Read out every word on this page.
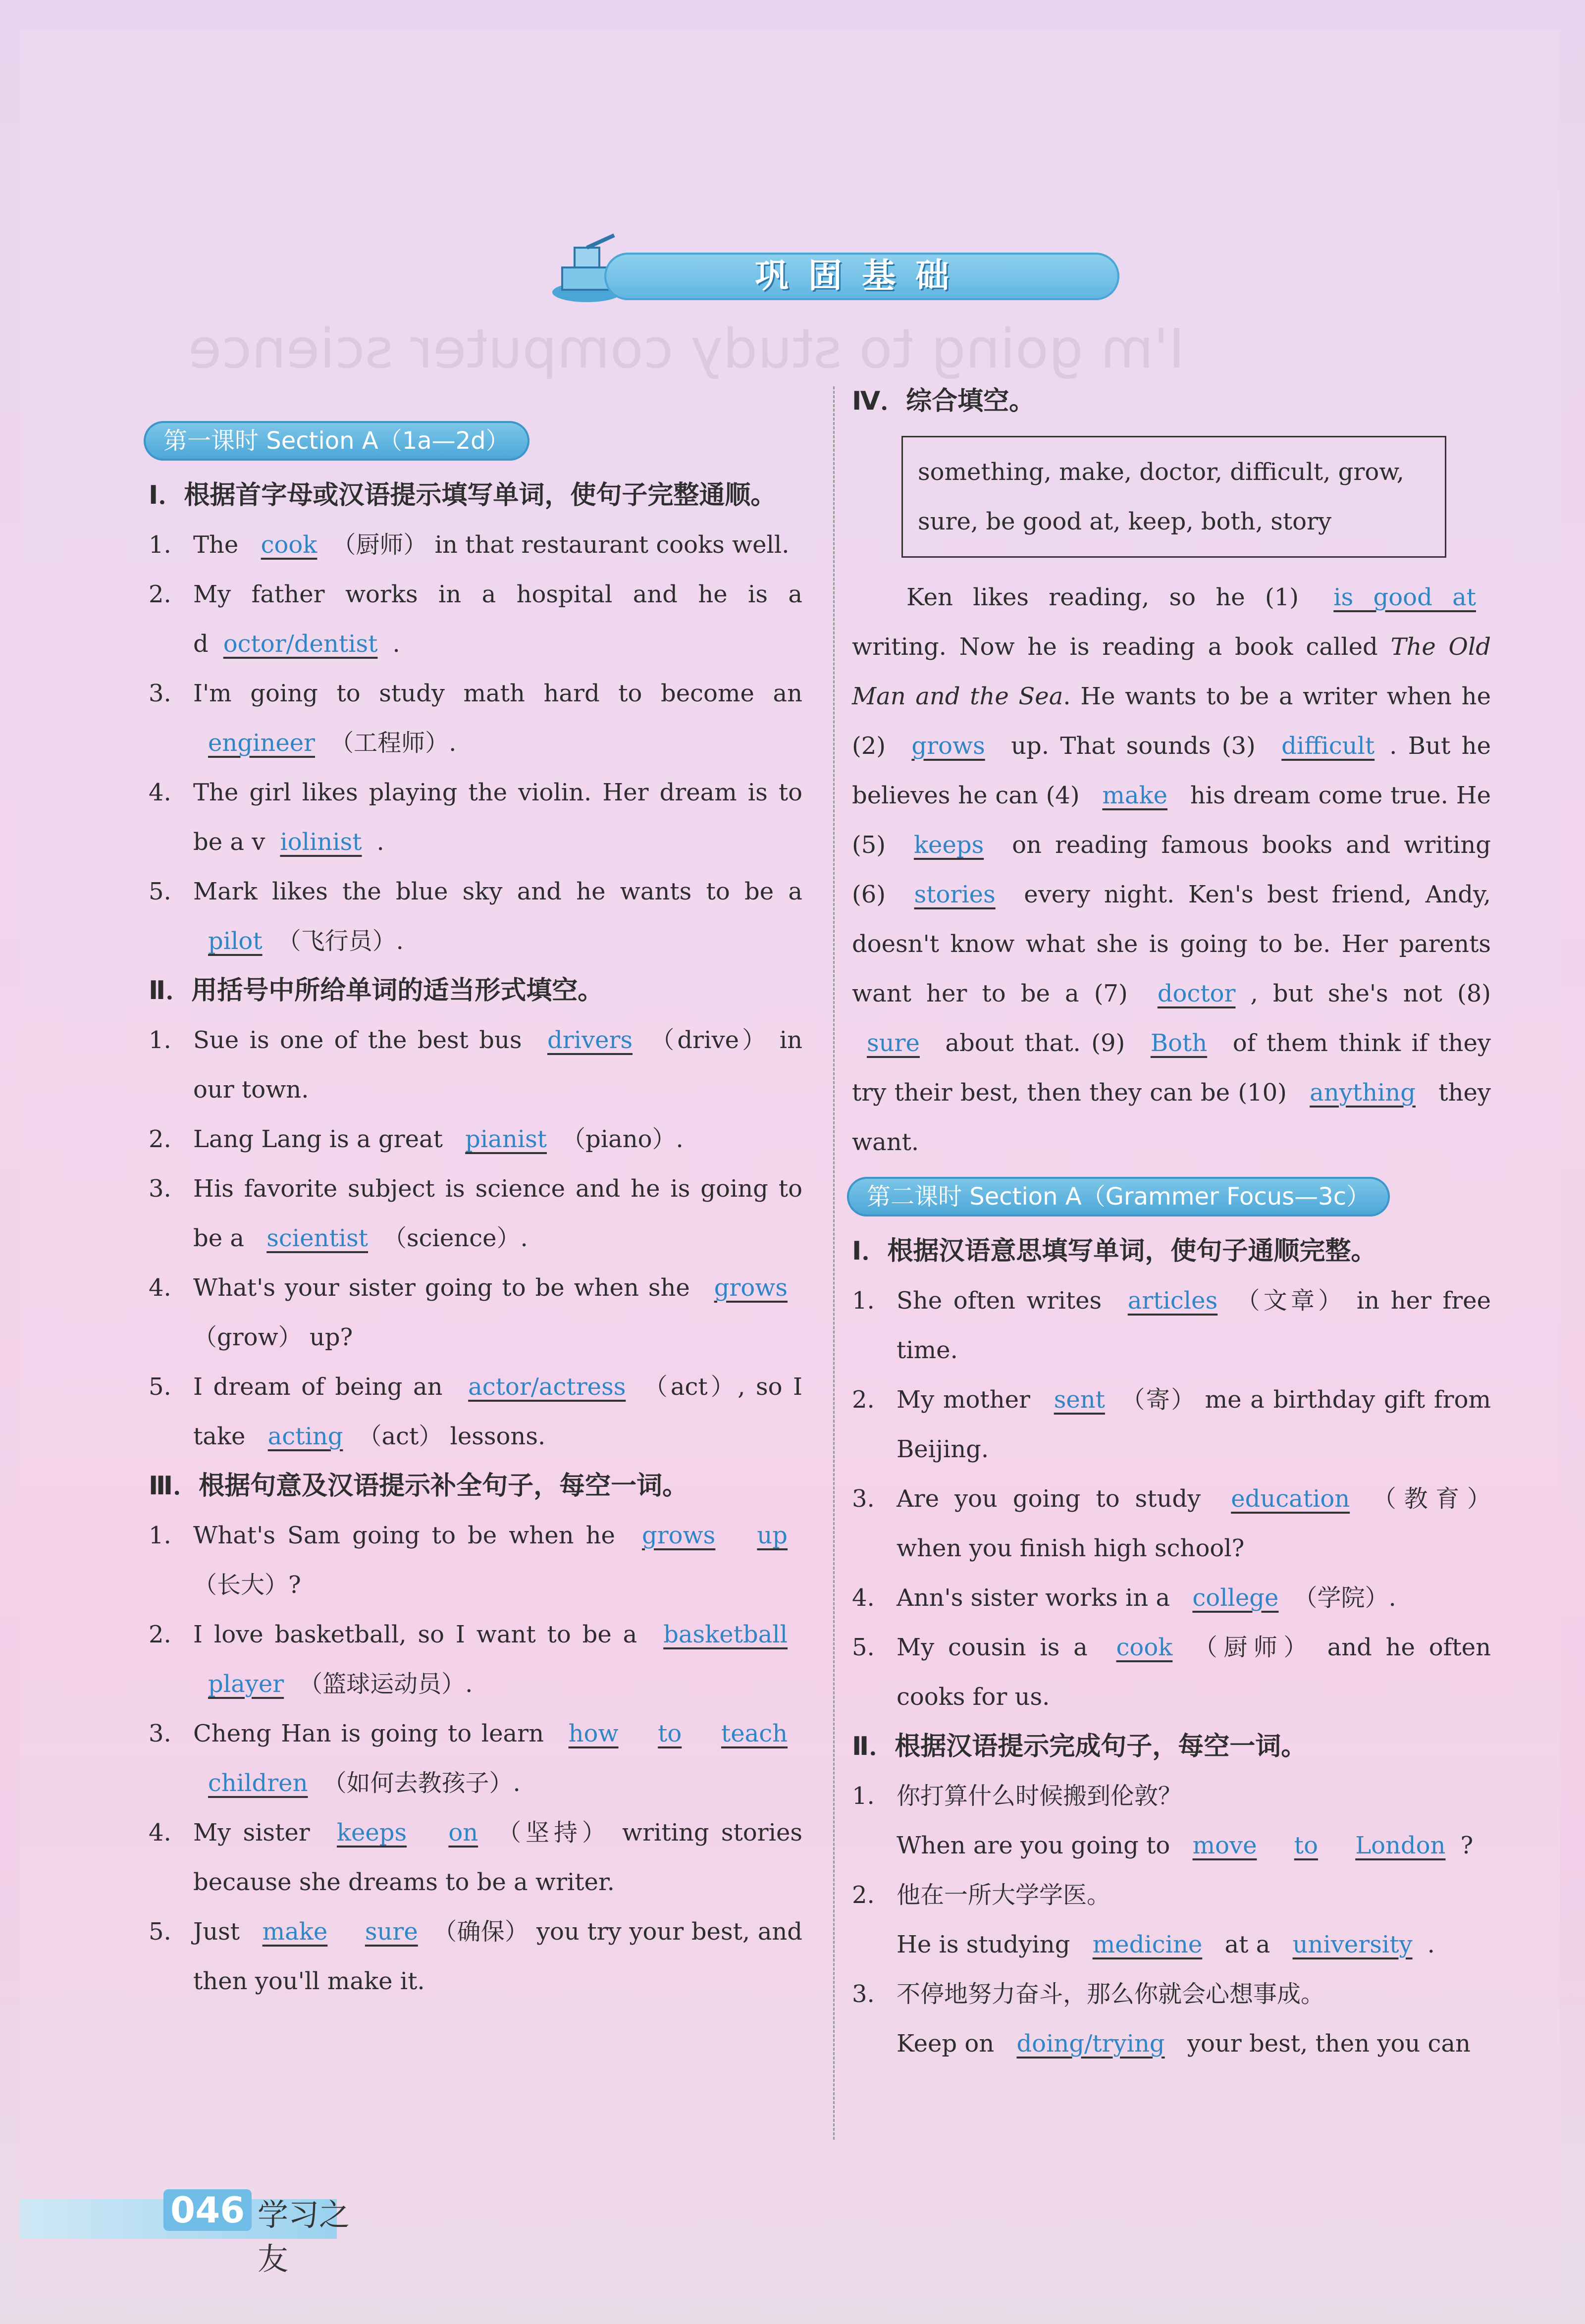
I'm going to study computer science
巩固基础
第一课时 Section A（1a—2d）
Ⅰ．根据首字母或汉语提示填写单词，使句子完整通顺。
1. The cook （厨师） in that restaurant cooks well.
2. My father works in a hospital and he is a d octor/dentist .
3. I'm going to study math hard to become an engineer （工程师）.
4. The girl likes playing the violin. Her dream is to be a v iolinist .
5. Mark likes the blue sky and he wants to be a pilot （飞行员）.
Ⅱ．用括号中所给单词的适当形式填空。
1. Sue is one of the best bus drivers （drive） in our town.
2. Lang Lang is a great pianist （piano）.
3. His favorite subject is science and he is going to be a scientist （science）.
4. What's your sister going to be when she grows（grow） up?
5. I dream of being an actor/actress （act）, so I take acting （act） lessons.
Ⅲ．根据句意及汉语提示补全句子，每空一词。
1. What's Sam going to be when he grows up （长大）?
2. I love basketball, so I want to be a basketball player （篮球运动员）.
3. Cheng Han is going to learn how to teach children （如何去教孩子）.
4. My sister keeps on （坚持） writing stories because she dreams to be a writer.
5. Just make sure （确保） you try your best, and then you'll make it.
Ⅳ．综合填空。
something, make, doctor, difficult, grow, sure, be good at, keep, both, story
Ken likes reading, so he (1) is good at writing. Now he is reading a book called The Old Man and the Sea. He wants to be a writer when he (2) grows up. That sounds (3) difficult . But he believes he can (4) make his dream come true. He (5) keeps on reading famous books and writing (6) stories every night. Ken's best friend, Andy, doesn't know what she is going to be. Her parents want her to be a (7) doctor , but she's not (8) sure about that. (9) Both of them think if they try their best, then they can be (10) anything they want.
第二课时 Section A（Grammer Focus—3c）
Ⅰ．根据汉语意思填写单词，使句子通顺完整。
1. She often writes articles （文章） in her free time.
2. My mother sent （寄） me a birthday gift from Beijing.
3. Are you going to study education （教育） when you finish high school?
4. Ann's sister works in a college （学院）.
5. My cousin is a cook （厨师） and he often cooks for us.
Ⅱ．根据汉语提示完成句子，每空一词。
1. 你打算什么时候搬到伦敦？
When are you going to move to London ?
2. 他在一所大学学医。
He is studying medicine at a university .
3. 不停地努力奋斗，那么你就会心想事成。
Keep on doing/trying your best, then you can
046 学习之友
